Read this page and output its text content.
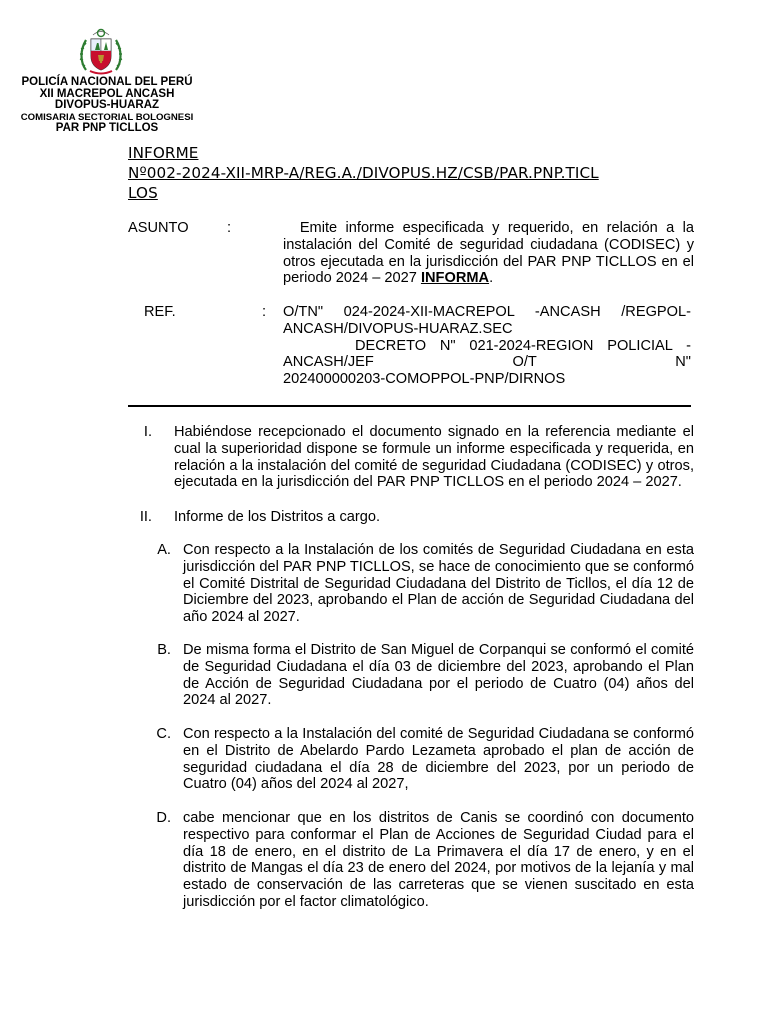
POLICÍA NACIONAL DEL PERÚ
XII MACREPOL ANCASH
DIVOPUS-HUARAZ
COMISARIA SECTORIAL BOLOGNESI
PAR PNP TICLLOS
INFORME
Nº002-2024-XII-MRP-A/REG.A./DIVOPUS.HZ/CSB/PAR.PNP.TICL
LOS
ASUNTO	:	Emite informe especificada y requerido, en relación a la instalación del Comité de seguridad ciudadana (CODISEC) y otros ejecutada en la jurisdicción del PAR PNP TICLLOS en el periodo 2024 – 2027 INFORMA.
REF.	: O/TN" 024-2024-XII-MACREPOL -ANCASH /REGPOL-
ANCASH/DIVOPUS-HUARAZ.SEC
DECRETO N" 021-2024-REGION POLICIAL -
ANCASH/JEF O/T N"
202400000203-COMOPPOL-PNP/DIRNOS
I. Habiéndose recepcionado el documento signado en la referencia mediante el cual la superioridad dispone se formule un informe especificada y requerida, en relación a la instalación del comité de seguridad Ciudadana (CODISEC) y otros, ejecutada en la jurisdicción del PAR PNP TICLLOS en el periodo 2024 – 2027.
II. Informe de los Distritos a cargo.
A. Con respecto a la Instalación de los comités de Seguridad Ciudadana en esta jurisdicción del PAR PNP TICLLOS, se hace de conocimiento que se conformó el Comité Distrital de Seguridad Ciudadana del Distrito de Ticllos, el día 12 de Diciembre del 2023, aprobando el Plan de acción de Seguridad Ciudadana del año 2024 al 2027.
B. De misma forma el Distrito de San Miguel de Corpanqui se conformó el comité de Seguridad Ciudadana el día 03 de diciembre del 2023, aprobando el Plan de Acción de Seguridad Ciudadana por el periodo de Cuatro (04) años del 2024 al 2027.
C. Con respecto a la Instalación del comité de Seguridad Ciudadana se conformó en el Distrito de Abelardo Pardo Lezameta aprobado el plan de acción de seguridad ciudadana el día 28 de diciembre del 2023, por un periodo de Cuatro (04) años del 2024 al 2027,
D. cabe mencionar que en los distritos de Canis se coordinó con documento respectivo para conformar el Plan de Acciones de Seguridad Ciudad para el día 18 de enero, en el distrito de La Primavera el día 17 de enero, y en el distrito de Mangas el día 23 de enero del 2024, por motivos de la lejanía y mal estado de conservación de las carreteras que se vienen suscitado en esta jurisdicción por el factor climatológico.
